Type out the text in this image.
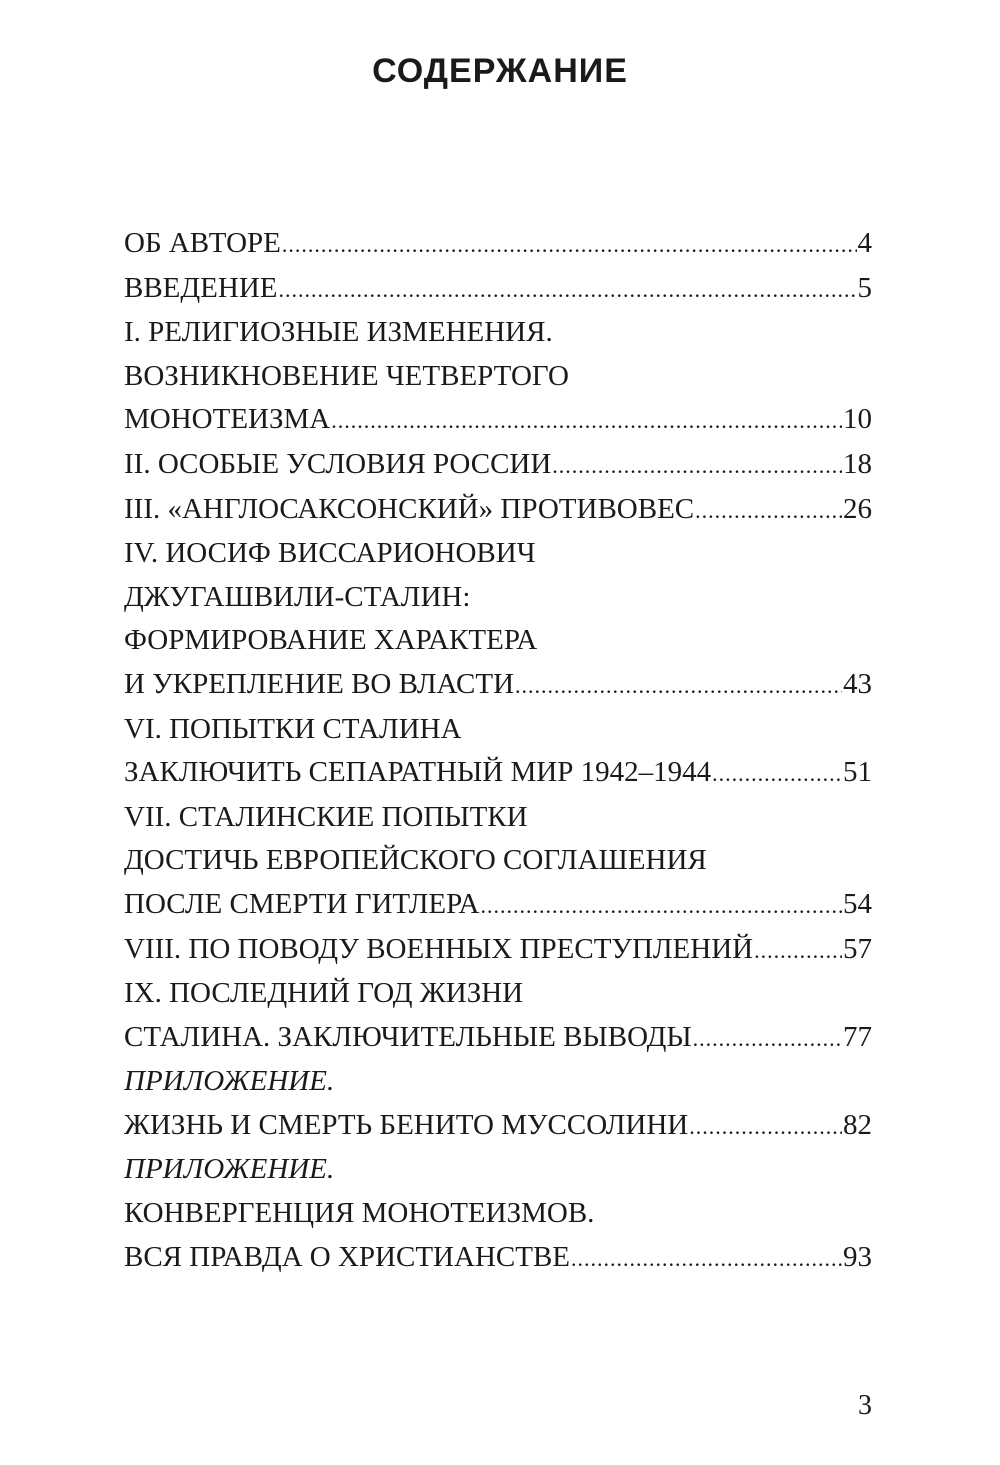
СОДЕРЖАНИЕ
ОБ АВТОРЕ .....	4
ВВЕДЕНИЕ .....	5
I. РЕЛИГИОЗНЫЕ ИЗМЕНЕНИЯ.
ВОЗНИКНОВЕНИЕ ЧЕТВЕРТОГО
МОНОТЕИЗМА .....	10
II. ОСОБЫЕ УСЛОВИЯ РОССИИ .....	18
III. «АНГЛОСАКСОНСКИЙ» ПРОТИВОВЕС .....	26
IV. ИОСИФ ВИССАРИОНОВИЧ
ДЖУГАШВИЛИ-СТАЛИН:
ФОРМИРОВАНИЕ ХАРАКТЕРА
И УКРЕПЛЕНИЕ ВО ВЛАСТИ .....	43
VI. ПОПЫТКИ СТАЛИНА
ЗАКЛЮЧИТЬ СЕПАРАТНЫЙ МИР 1942–1944 .....	51
VII. СТАЛИНСКИЕ ПОПЫТКИ
ДОСТИЧЬ ЕВРОПЕЙСКОГО СОГЛАШЕНИЯ
ПОСЛЕ СМЕРТИ ГИТЛЕРА .....	54
VIII. ПО ПОВОДУ ВОЕННЫХ ПРЕСТУПЛЕНИЙ .....	57
IX. ПОСЛЕДНИЙ ГОД ЖИЗНИ
СТАЛИНА. ЗАКЛЮЧИТЕЛЬНЫЕ ВЫВОДЫ .....	77
ПРИЛОЖЕНИЕ.
ЖИЗНЬ И СМЕРТЬ БЕНИТО МУССОЛИНИ .....	82
ПРИЛОЖЕНИЕ.
КОНВЕРГЕНЦИЯ МОНОТЕИЗМОВ.
ВСЯ ПРАВДА О ХРИСТИАНСТВЕ .....	93
3
